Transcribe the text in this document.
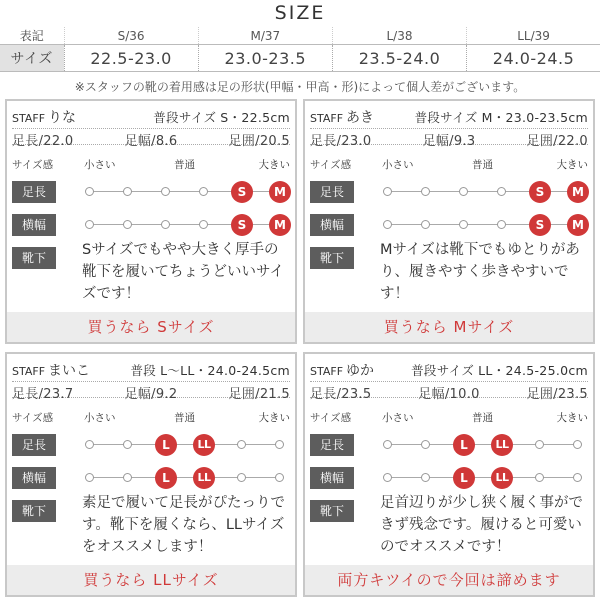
SIZE
表記	S/36	M/37	L/38	LL/39
サイズ	22.5-23.0	23.0-23.5	23.5-24.0	24.0-24.5
※スタッフの靴の着用感は足の形状(甲幅・甲高・形)によって個人差がございます。
STAFF りな	普段サイズ S・22.5cm
足長/22.0	足幅/8.6	足囲/20.5
サイズ感	小さい	普通	大きい
足長	S	M
横幅	S	M
靴下	Sサイズでもやや大きく厚手の靴下を履いてちょうどいいサイズです！
買うなら Sサイズ
STAFF あき	普段サイズ M・23.0-23.5cm
足長/23.0	足幅/9.3	足囲/22.0
サイズ感	小さい	普通	大きい
足長	S	M
横幅	S	M
靴下	Mサイズは靴下でもゆとりがあり、履きやすく歩きやすいです！
買うなら Mサイズ
STAFF まいこ	普段 L〜LL・24.0-24.5cm
足長/23.7	足幅/9.2	足囲/21.5
サイズ感	小さい	普通	大きい
足長	L	LL
横幅	L	LL
靴下	素足で履いて足長がぴたっりです。靴下を履くなら、LLサイズをオススメします！
買うなら LLサイズ
STAFF ゆか	普段サイズ LL・24.5-25.0cm
足長/23.5	足幅/10.0	足囲/23.5
サイズ感	小さい	普通	大きい
足長	L	LL
横幅	L	LL
靴下	足首辺りが少し狭く履く事ができず残念です。履けると可愛いのでオススメです！
両方キツイので今回は諦めます
